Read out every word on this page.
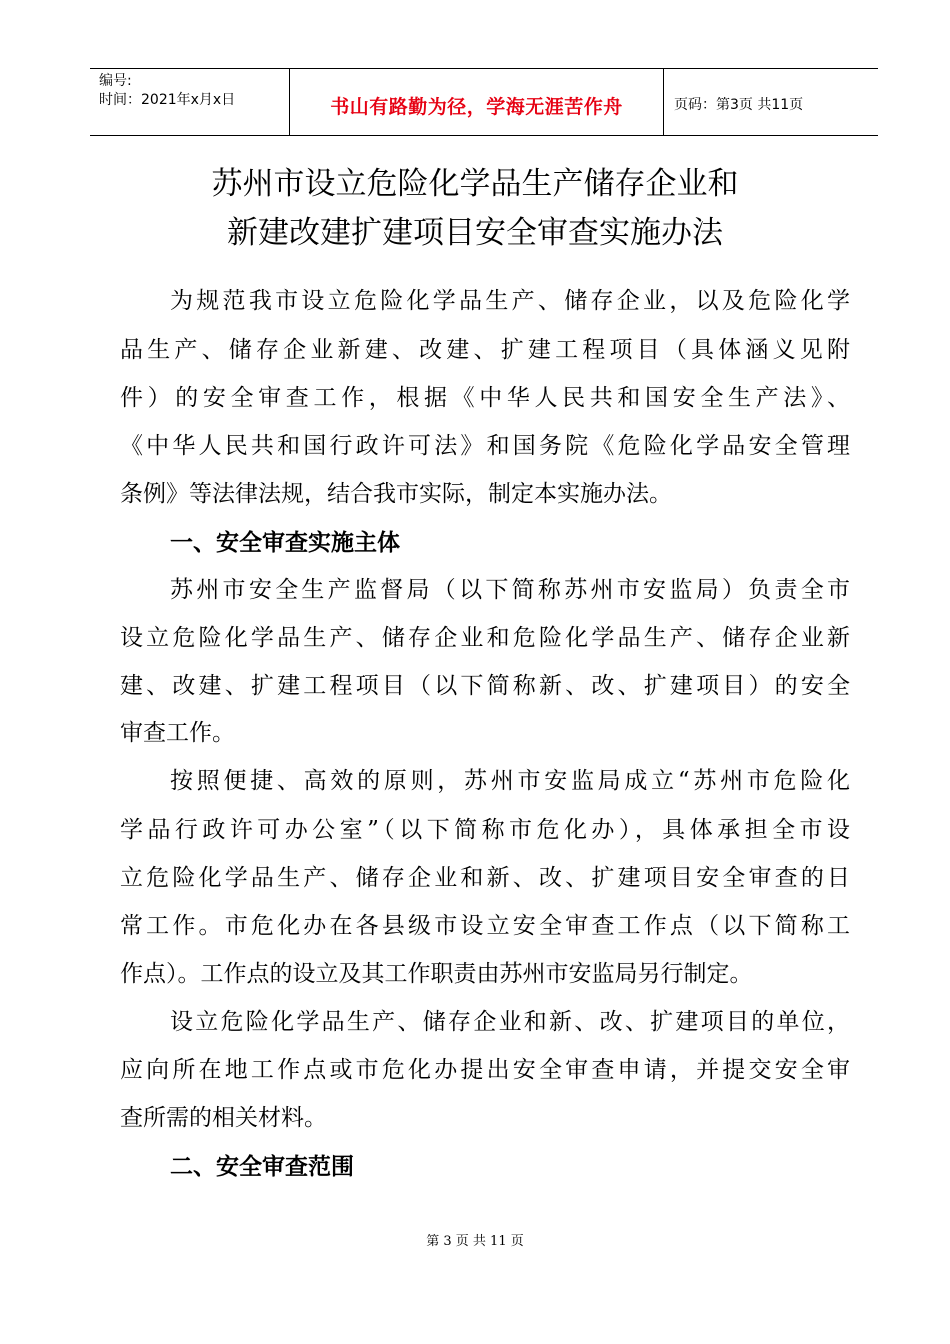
编号:
时间：2021年x月x日	书山有路勤为径，学海无涯苦作舟	页码：第3页 共11页
苏州市设立危险化学品生产储存企业和
新建改建扩建项目安全审查实施办法
为规范我市设立危险化学品生产、储存企业，以及危险化学
品生产、储存企业新建、改建、扩建工程项目（具体涵义见附
件）的安全审查工作，根据《中华人民共和国安全生产法》、
《中华人民共和国行政许可法》和国务院《危险化学品安全管理
条例》等法律法规，结合我市实际，制定本实施办法。
一、安全审查实施主体
苏州市安全生产监督局（以下简称苏州市安监局）负责全市
设立危险化学品生产、储存企业和危险化学品生产、储存企业新
建、改建、扩建工程项目（以下简称新、改、扩建项目）的安全
审查工作。
按照便捷、高效的原则，苏州市安监局成立“苏州市危险化
学品行政许可办公室”（以下简称市危化办），具体承担全市设
立危险化学品生产、储存企业和新、改、扩建项目安全审查的日
常工作。市危化办在各县级市设立安全审查工作点（以下简称工
作点）。工作点的设立及其工作职责由苏州市安监局另行制定。
设立危险化学品生产、储存企业和新、改、扩建项目的单位，
应向所在地工作点或市危化办提出安全审查申请，并提交安全审
查所需的相关材料。
二、安全审查范围
第 3 页 共 11 页
